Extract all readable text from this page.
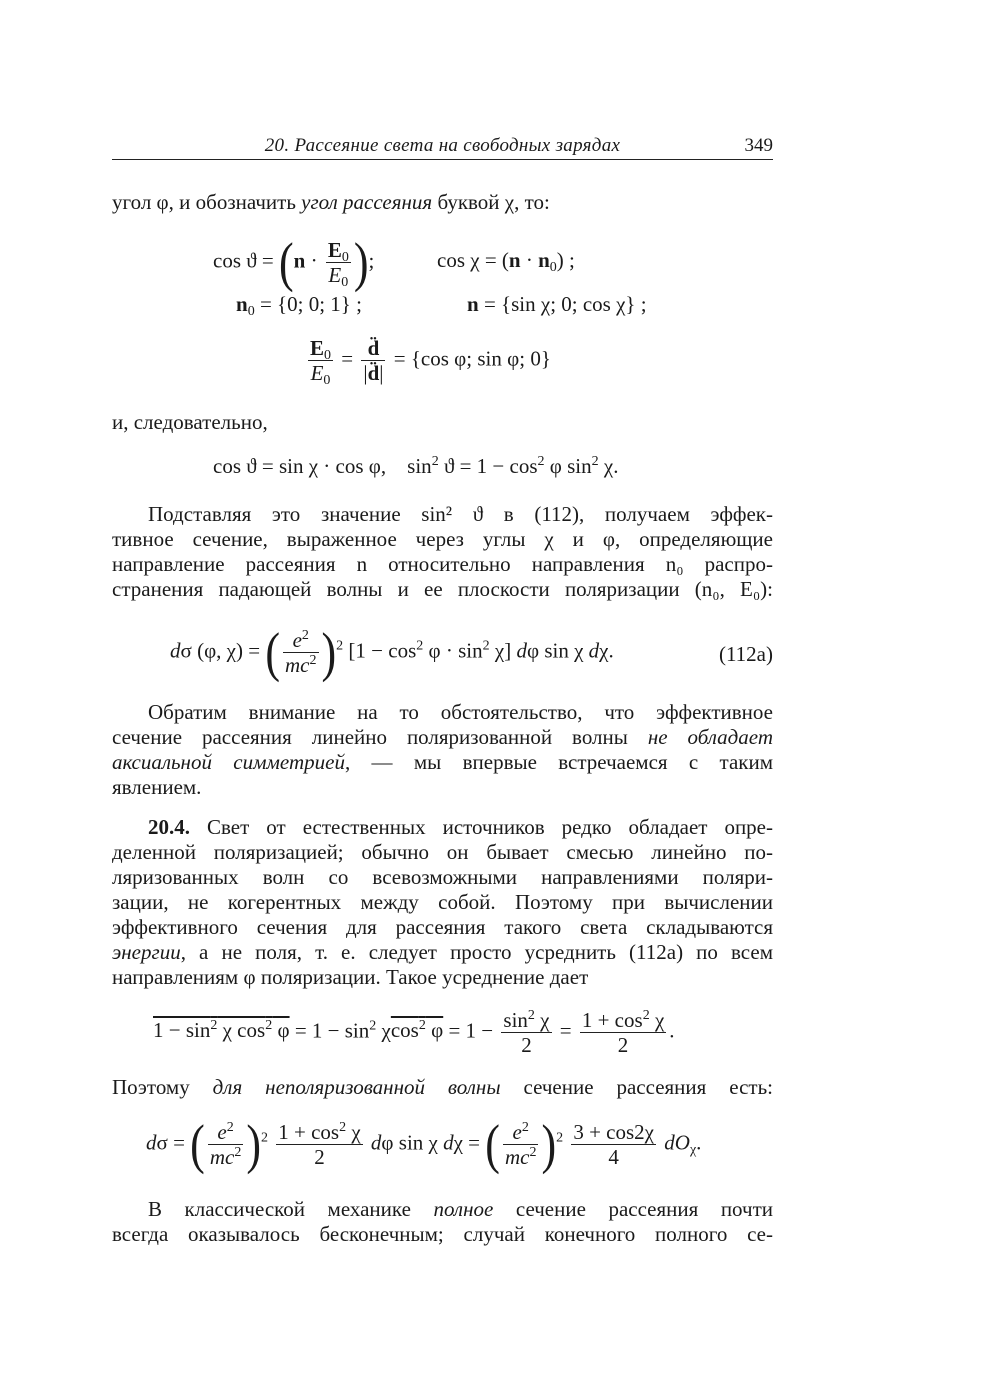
20. Рассеяние света на свободных зарядах	349
угол φ, и обозначить угол рассеяния буквой χ, то:
$\cos ϑ = (n \cdot \frac{E_0}{E_0}$ );	$\cos \chi = (n \cdot n_0)$ ;
$n_0 = \{0$; 0; 1} ;	n = {sin χ; 0; cos χ} ;
$\frac{E_0}{E_0} = \frac{d̈}{|d̈|} = \{\cos$ φ; sin φ; 0}
и, следовательно,
cos ϑ = sin χ · cos φ,    $\sin^2 ϑ = 1 - \cos^2 \varphi$ $\sin^2 \chi$.
Подставляя это значение sin² ϑ в (112), получаем эффек-
тивное сечение, выраженное через углы χ и φ, определяющие
направление рассеяния n относительно направления n₀ распро-
странения падающей волны и ее плоскости поляризации (n₀, E₀):
dσ (φ, χ) = ( $\frac{e^2}{mc^2} )^2$ $[1 - \cos^2 \varphi \cdot \sin^2 \chi]$ dφ sin χ dχ.	(112a)
Обратим внимание на то обстоятельство, что эффективное
сечение рассеяния линейно поляризованной волны не обладает
аксиальной симметрией, — мы впервые встречаемся с таким
явлением.
20.4. Свет от естественных источников редко обладает опре-
деленной поляризацией; обычно он бывает смесью линейно по-
ляризованных волн со всевозможными направлениями поляри-
зации, не когерентных между собой. Поэтому при вычислении
эффективного сечения для рассеяния такого света складываются
энергии, а не поля, т. е. следует просто усреднить (112а) по всем
направлениям φ поляризации. Такое усреднение дает
$1 - \sin^2 \chi$ $\cos^2 \varphi = 1 - \sin^2 \chi\cos^2$ $\varphi = 1 - \frac{\sin^2 \chi}{2} = \frac{1 + \cos^2 \chi}{2}$ .
Поэтому для неполяризованной волны сечение рассеяния есть:
dσ = ( $\frac{e^2}{mc^2} )^2 \frac{1 + \cos^2 \chi}{2}$ dφ sin χ dχ = ( $\frac{e^2}{mc^2} )^2 \frac{3 + \cos 2\chi}{4} dO_\chi$.
В классической механике полное сечение рассеяния почти
всегда оказывалось бесконечным; случай конечного полного се-
